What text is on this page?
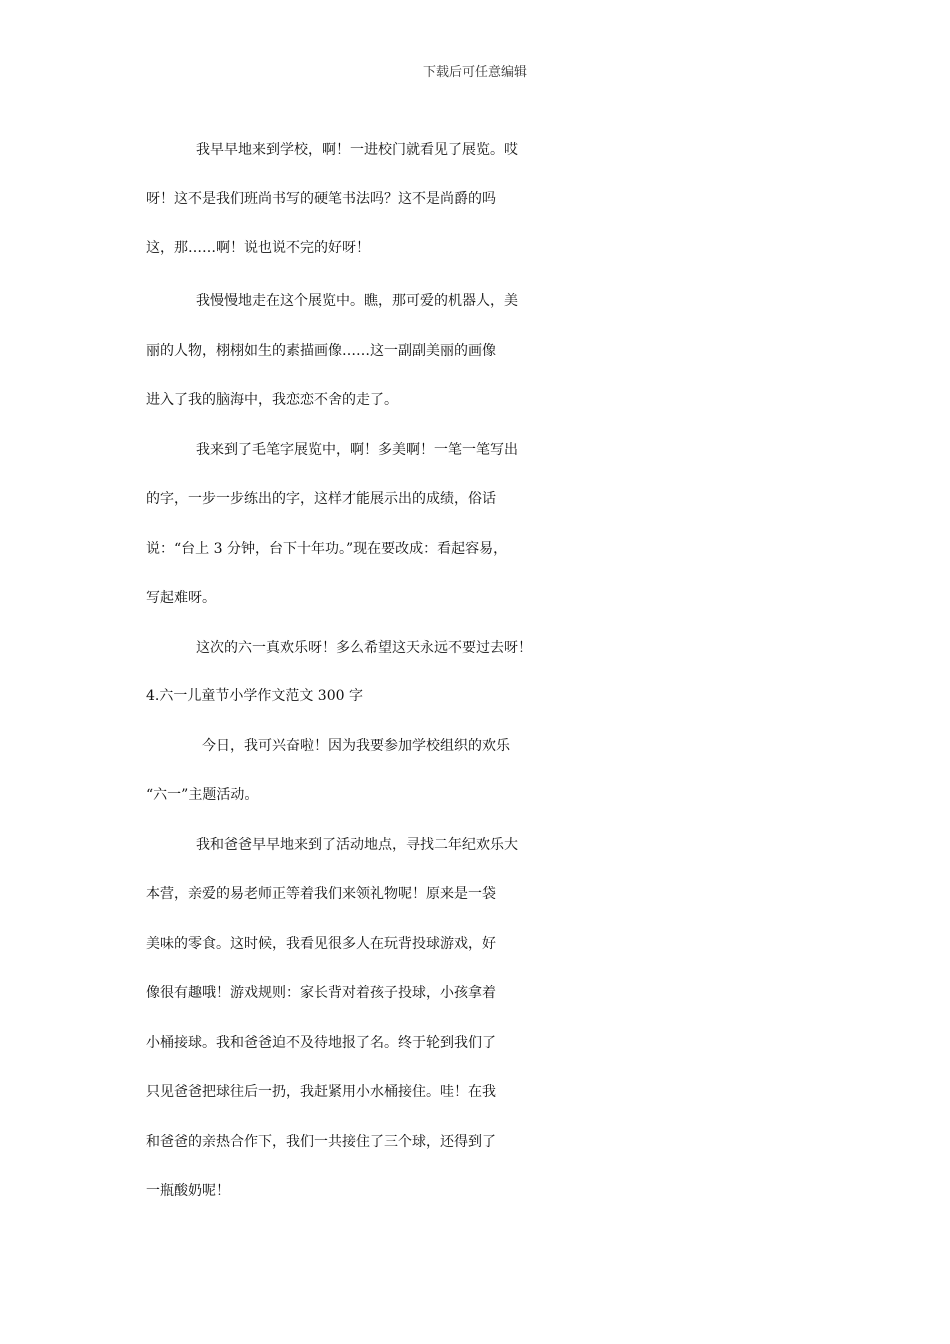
下载后可任意编辑
我早早地来到学校，啊！一进校门就看见了展览。哎
呀！这不是我们班尚书写的硬笔书法吗？这不是尚爵的吗
这，那……啊！说也说不完的好呀！
我慢慢地走在这个展览中。瞧，那可爱的机器人，美
丽的人物，栩栩如生的素描画像……这一副副美丽的画像
进入了我的脑海中，我恋恋不舍的走了。
我来到了毛笔字展览中，啊！多美啊！一笔一笔写出
的字，一步一步练出的字，这样才能展示出的成绩，俗话
说：“台上 3 分钟，台下十年功。”现在要改成：看起容易，
写起难呀。
这次的六一真欢乐呀！多么希望这天永远不要过去呀！
4.六一儿童节小学作文范文 300 字
今日，我可兴奋啦！因为我要参加学校组织的欢乐
“六一”主题活动。
我和爸爸早早地来到了活动地点，寻找二年纪欢乐大
本营，亲爱的易老师正等着我们来领礼物呢！原来是一袋
美味的零食。这时候，我看见很多人在玩背投球游戏，好
像很有趣哦！游戏规则：家长背对着孩子投球，小孩拿着
小桶接球。我和爸爸迫不及待地报了名。终于轮到我们了
只见爸爸把球往后一扔，我赶紧用小水桶接住。哇！在我
和爸爸的亲热合作下，我们一共接住了三个球，还得到了
一瓶酸奶呢！
